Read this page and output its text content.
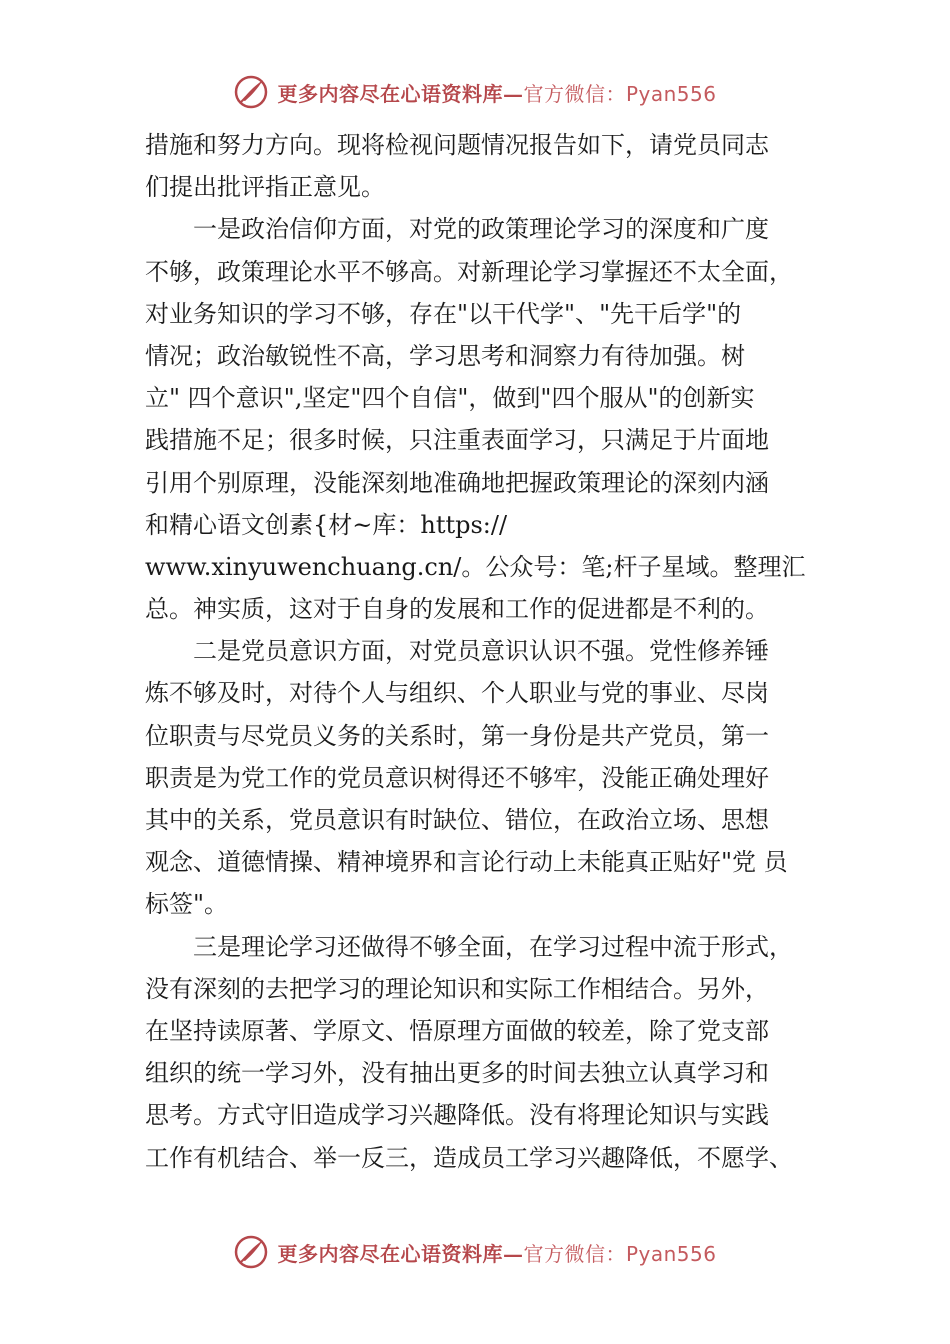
更多内容尽在心语资料库—官方微信：Pyan556
措施和努力方向。现将检视问题情况报告如下，请党员同志
们提出批评指正意见。
　　一是政治信仰方面，对党的政策理论学习的深度和广度
不够，政策理论水平不够高。对新理论学习掌握还不太全面，
对业务知识的学习不够，存在"以干代学"、"先干后学"的
情况；政治敏锐性不高，学习思考和洞察力有待加强。树
立" 四个意识",坚定"四个自信"，做到"四个服从"的创新实
践措施不足；很多时候，只注重表面学习，只满足于片面地
引用个别原理，没能深刻地准确地把握政策理论的深刻内涵
和精心语文创素{材~库：https://
www.xinyuwenchuang.cn/。公众号：笔;杆子星域。整理汇
总。神实质，这对于自身的发展和工作的促进都是不利的。
　　二是党员意识方面，对党员意识认识不强。党性修养锤
炼不够及时，对待个人与组织、个人职业与党的事业、尽岗
位职责与尽党员义务的关系时，第一身份是共产党员，第一
职责是为党工作的党员意识树得还不够牢，没能正确处理好
其中的关系，党员意识有时缺位、错位，在政治立场、思想
观念、道德情操、精神境界和言论行动上未能真正贴好"党 员
标签"。
　　三是理论学习还做得不够全面，在学习过程中流于形式，
没有深刻的去把学习的理论知识和实际工作相结合。另外，
在坚持读原著、学原文、悟原理方面做的较差，除了党支部
组织的统一学习外，没有抽出更多的时间去独立认真学习和
思考。方式守旧造成学习兴趣降低。没有将理论知识与实践
工作有机结合、举一反三，造成员工学习兴趣降低，不愿学、
更多内容尽在心语资料库—官方微信：Pyan556
